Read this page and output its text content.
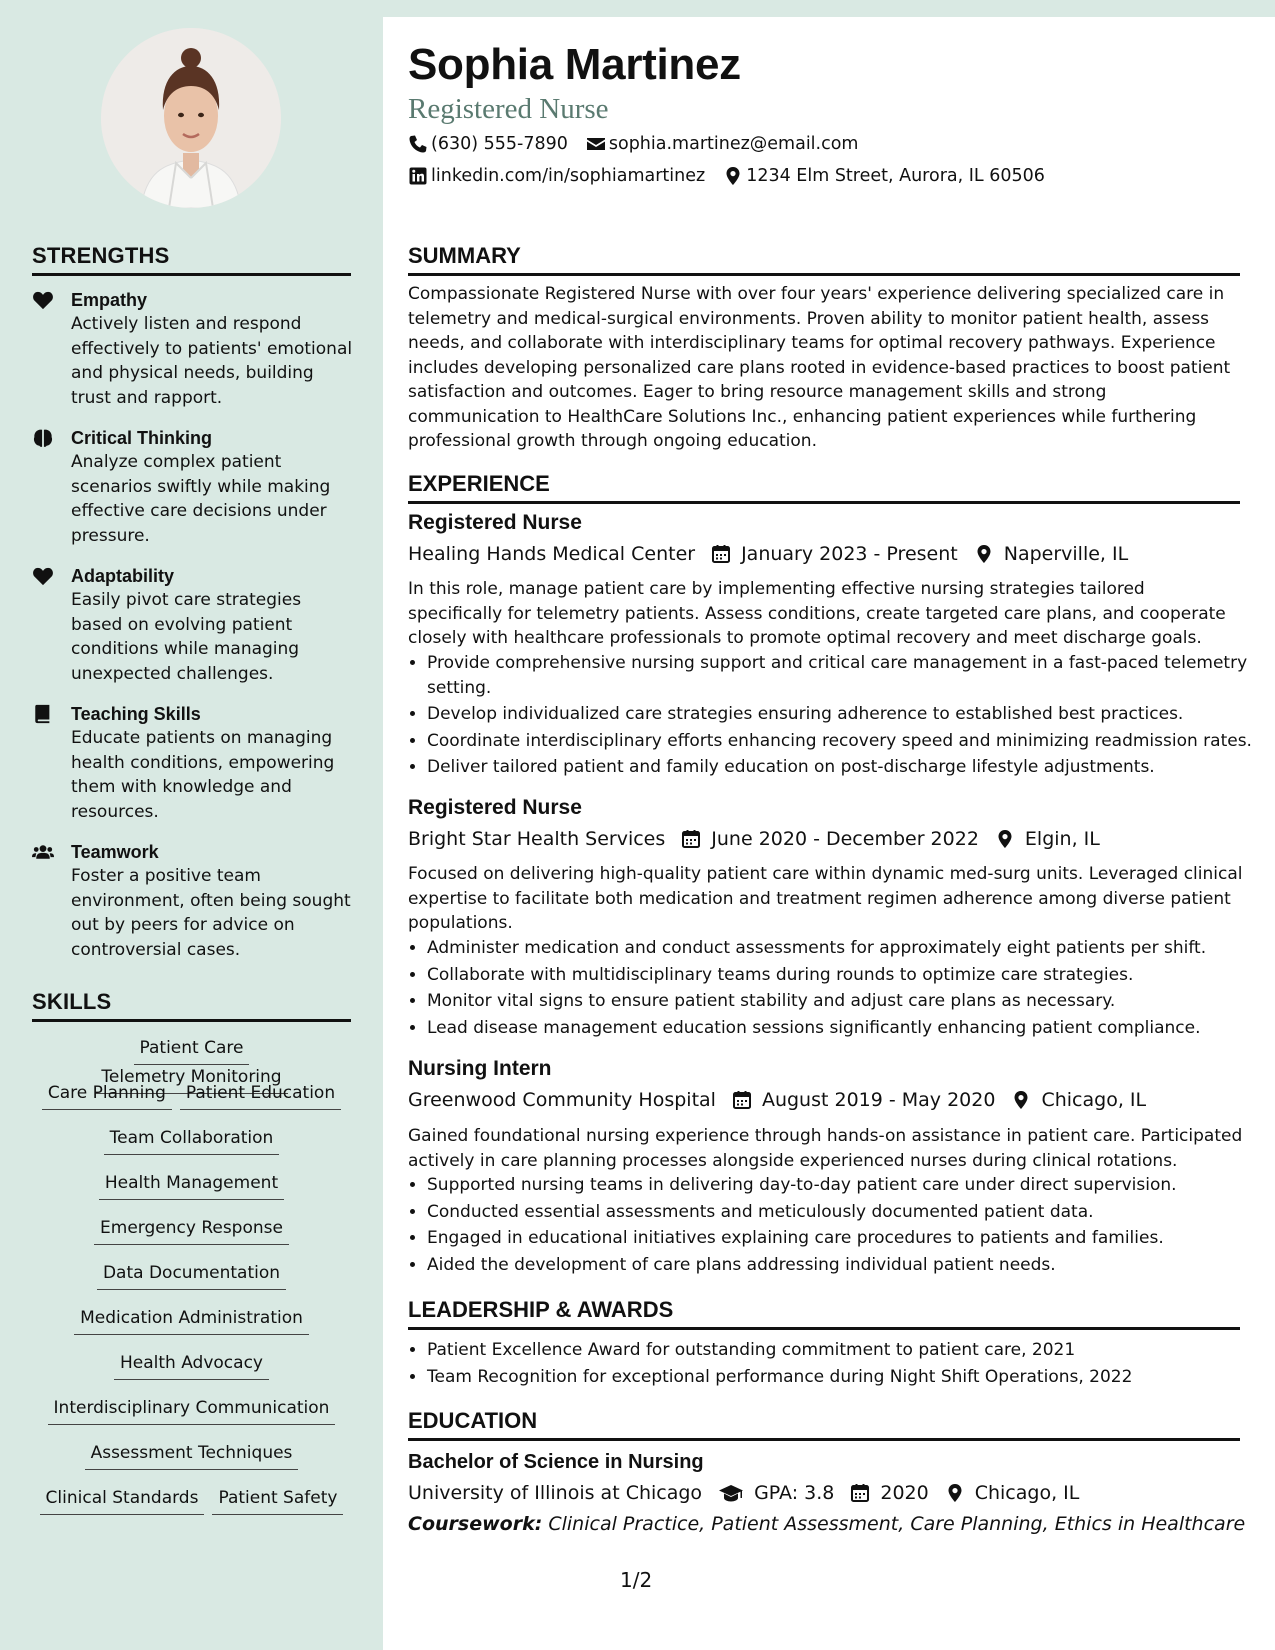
STRENGTHS
Empathy
Actively listen and respond effectively to patients' emotional and physical needs, building trust and rapport.
Critical Thinking
Analyze complex patient scenarios swiftly while making effective care decisions under pressure.
Adaptability
Easily pivot care strategies based on evolving patient conditions while managing unexpected challenges.
Teaching Skills
Educate patients on managing health conditions, empowering them with knowledge and resources.
Teamwork
Foster a positive team environment, often being sought out by peers for advice on controversial cases.
SKILLS
Patient CareTelemetry Monitoring
Care Planning Patient Education
Team Collaboration
Health Management
Emergency Response
Data Documentation
Medication Administration
Health Advocacy
Interdisciplinary Communication
Assessment Techniques
Clinical Standards Patient Safety
Sophia Martinez
Registered Nurse
(630) 555-7890 sophia.martinez@email.com
linkedin.com/in/sophiamartinez 1234 Elm Street, Aurora, IL 60506
SUMMARY
Compassionate Registered Nurse with over four years' experience delivering specialized care in telemetry and medical-surgical environments. Proven ability to monitor patient health, assess needs, and collaborate with interdisciplinary teams for optimal recovery pathways. Experience includes developing personalized care plans rooted in evidence-based practices to boost patient satisfaction and outcomes. Eager to bring resource management skills and strong communication to HealthCare Solutions Inc., enhancing patient experiences while furthering professional growth through ongoing education.
EXPERIENCE
Registered Nurse
Healing Hands Medical Center January 2023 - Present Naperville, IL
In this role, manage patient care by implementing effective nursing strategies tailored specifically for telemetry patients. Assess conditions, create targeted care plans, and cooperate closely with healthcare professionals to promote optimal recovery and meet discharge goals.
• Provide comprehensive nursing support and critical care management in a fast-paced telemetry setting.
• Develop individualized care strategies ensuring adherence to established best practices.
• Coordinate interdisciplinary efforts enhancing recovery speed and minimizing readmission rates.
• Deliver tailored patient and family education on post-discharge lifestyle adjustments.
Registered Nurse
Bright Star Health Services June 2020 - December 2022 Elgin, IL
Focused on delivering high-quality patient care within dynamic med-surg units. Leveraged clinical expertise to facilitate both medication and treatment regimen adherence among diverse patient populations.
• Administer medication and conduct assessments for approximately eight patients per shift.
• Collaborate with multidisciplinary teams during rounds to optimize care strategies.
• Monitor vital signs to ensure patient stability and adjust care plans as necessary.
• Lead disease management education sessions significantly enhancing patient compliance.
Nursing Intern
Greenwood Community Hospital August 2019 - May 2020 Chicago, IL
Gained foundational nursing experience through hands-on assistance in patient care. Participated actively in care planning processes alongside experienced nurses during clinical rotations.
• Supported nursing teams in delivering day-to-day patient care under direct supervision.
• Conducted essential assessments and meticulously documented patient data.
• Engaged in educational initiatives explaining care procedures to patients and families.
• Aided the development of care plans addressing individual patient needs.
LEADERSHIP & AWARDS
• Patient Excellence Award for outstanding commitment to patient care, 2021
• Team Recognition for exceptional performance during Night Shift Operations, 2022
EDUCATION
Bachelor of Science in Nursing
University of Illinois at Chicago	GPA: 3.8 2020 Chicago, IL
Coursework: Clinical Practice, Patient Assessment, Care Planning, Ethics in Healthcare
1/2
